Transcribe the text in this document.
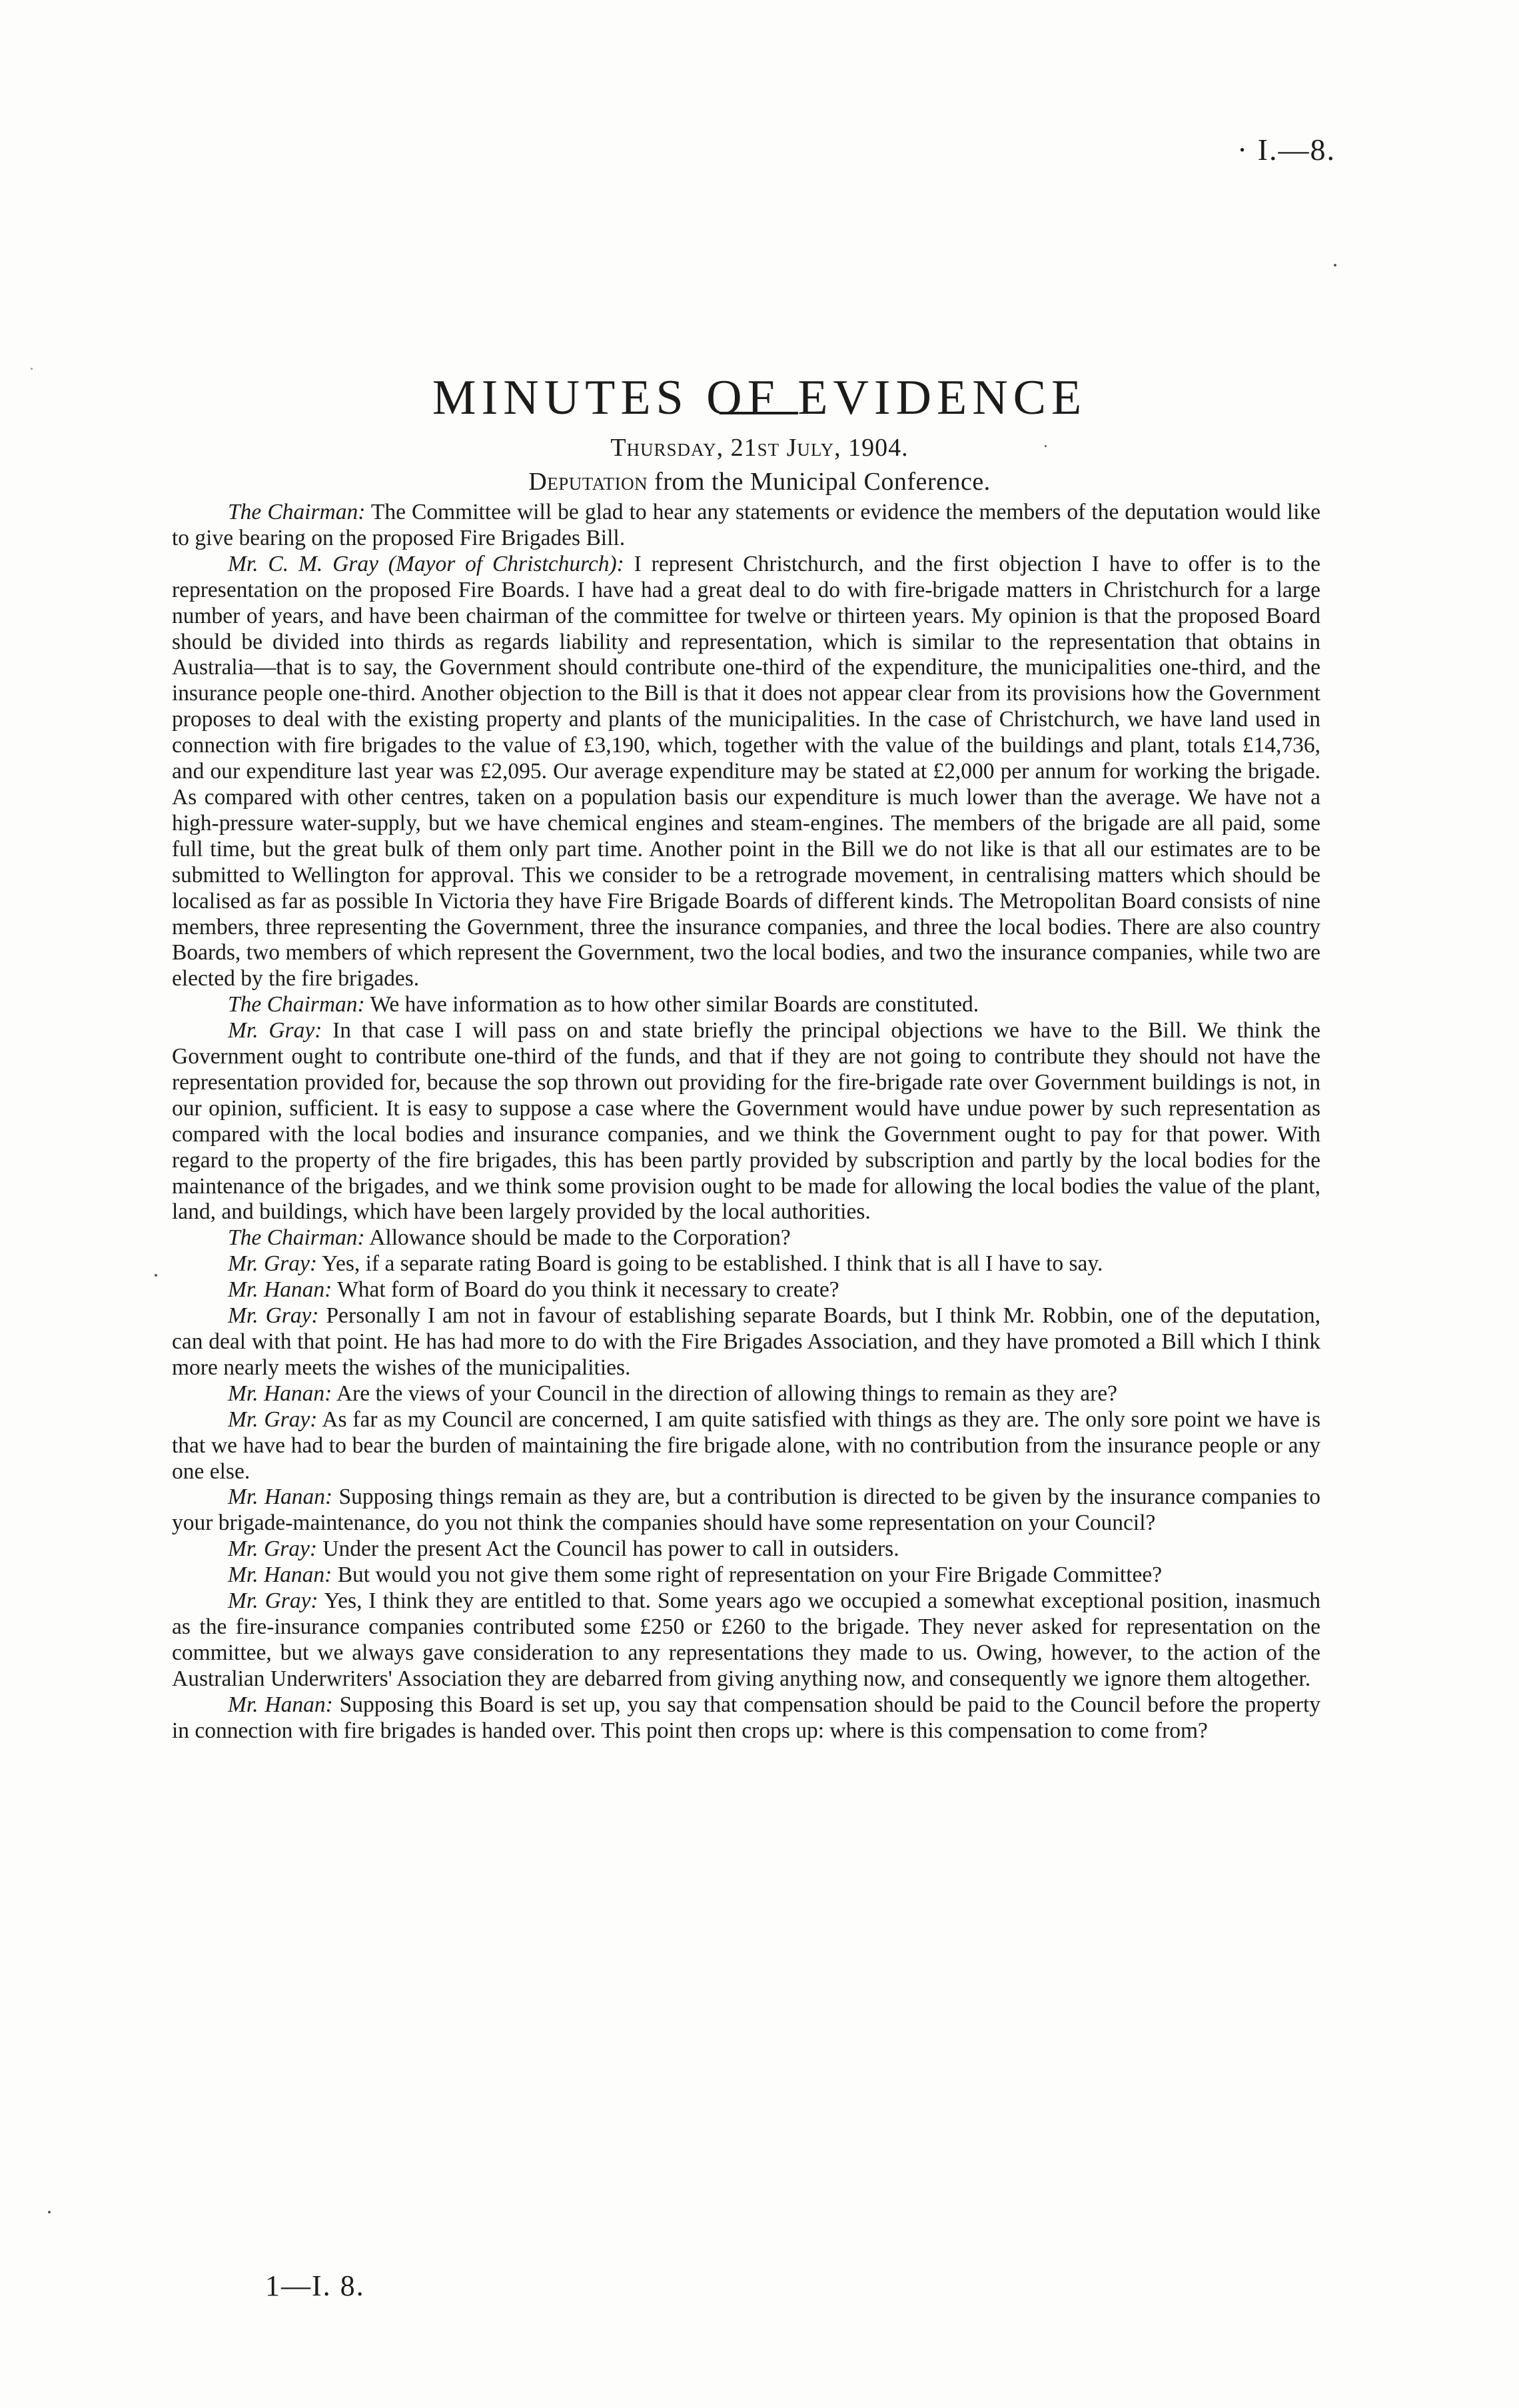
· I.—8.
MINUTES OF EVIDENCE
Thursday, 21st July, 1904.
Deputation from the Municipal Conference.

The Chairman: The Committee will be glad to hear any statements or evidence the members of the deputation would like to give bearing on the proposed Fire Brigades Bill.

Mr. C. M. Gray (Mayor of Christchurch): I represent Christchurch, and the first objection I have to offer is to the representation on the proposed Fire Boards. I have had a great deal to do with fire-brigade matters in Christchurch for a large number of years, and have been chairman of the committee for twelve or thirteen years. My opinion is that the proposed Board should be divided into thirds as regards liability and representation, which is similar to the representation that obtains in Australia—that is to say, the Government should contribute one-third of the expenditure, the municipalities one-third, and the insurance people one-third. Another objection to the Bill is that it does not appear clear from its provisions how the Government proposes to deal with the existing property and plants of the municipalities. In the case of Christchurch, we have land used in connection with fire brigades to the value of £3,190, which, together with the value of the buildings and plant, totals £14,736, and our expenditure last year was £2,095. Our average expenditure may be stated at £2,000 per annum for working the brigade. As compared with other centres, taken on a population basis our expenditure is much lower than the average. We have not a high-pressure water-supply, but we have chemical engines and steam-engines. The members of the brigade are all paid, some full time, but the great bulk of them only part time. Another point in the Bill we do not like is that all our estimates are to be submitted to Wellington for approval. This we consider to be a retrograde movement, in centralising matters which should be localised as far as possible In Victoria they have Fire Brigade Boards of different kinds. The Metropolitan Board consists of nine members, three representing the Government, three the insurance companies, and three the local bodies. There are also country Boards, two members of which represent the Government, two the local bodies, and two the insurance companies, while two are elected by the fire brigades.

The Chairman: We have information as to how other similar Boards are constituted.

Mr. Gray: In that case I will pass on and state briefly the principal objections we have to the Bill. We think the Government ought to contribute one-third of the funds, and that if they are not going to contribute they should not have the representation provided for, because the sop thrown out providing for the fire-brigade rate over Government buildings is not, in our opinion, sufficient. It is easy to suppose a case where the Government would have undue power by such representation as compared with the local bodies and insurance companies, and we think the Government ought to pay for that power. With regard to the property of the fire brigades, this has been partly provided by subscription and partly by the local bodies for the maintenance of the brigades, and we think some provision ought to be made for allowing the local bodies the value of the plant, land, and buildings, which have been largely provided by the local authorities.

The Chairman: Allowance should be made to the Corporation?

Mr. Gray: Yes, if a separate rating Board is going to be established. I think that is all I have to say.

Mr. Hanan: What form of Board do you think it necessary to create?

Mr. Gray: Personally I am not in favour of establishing separate Boards, but I think Mr. Robbin, one of the deputation, can deal with that point. He has had more to do with the Fire Brigades Association, and they have promoted a Bill which I think more nearly meets the wishes of the municipalities.

Mr. Hanan: Are the views of your Council in the direction of allowing things to remain as they are?

Mr. Gray: As far as my Council are concerned, I am quite satisfied with things as they are. The only sore point we have is that we have had to bear the burden of maintaining the fire brigade alone, with no contribution from the insurance people or any one else.

Mr. Hanan: Supposing things remain as they are, but a contribution is directed to be given by the insurance companies to your brigade-maintenance, do you not think the companies should have some representation on your Council?

Mr. Gray: Under the present Act the Council has power to call in outsiders.

Mr. Hanan: But would you not give them some right of representation on your Fire Brigade Committee?

Mr. Gray: Yes, I think they are entitled to that. Some years ago we occupied a somewhat exceptional position, inasmuch as the fire-insurance companies contributed some £250 or £260 to the brigade. They never asked for representation on the committee, but we always gave consideration to any representations they made to us. Owing, however, to the action of the Australian Underwriters' Association they are debarred from giving anything now, and consequently we ignore them altogether.

Mr. Hanan: Supposing this Board is set up, you say that compensation should be paid to the Council before the property in connection with fire brigades is handed over. This point then crops up: where is this compensation to come from?

1—I. 8.
